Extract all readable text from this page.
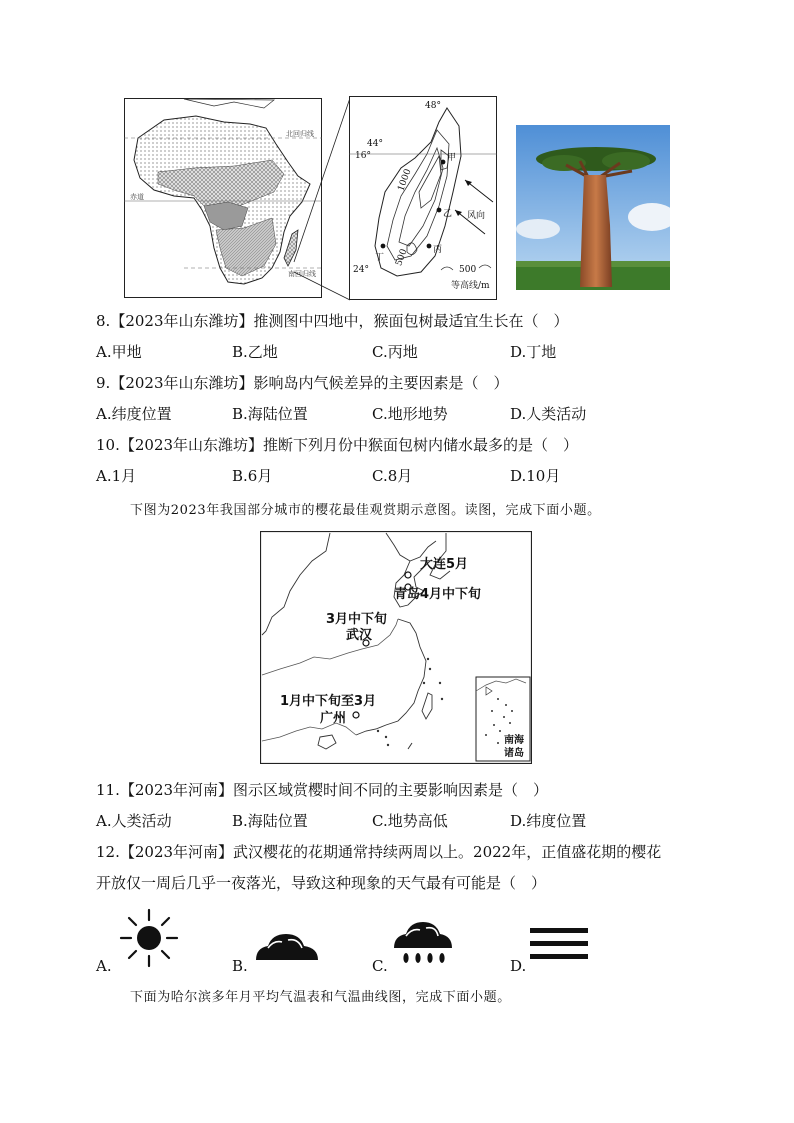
北回归线
赤道
南回归线
48°
44°
16°
24°
1000
500
500
甲
乙
丙
丁
风向
等高线/m
8.【2023年山东潍坊】推测图中四地中，猴面包树最适宜生长在（　）
A.甲地	B.乙地	C.丙地	D.丁地
9.【2023年山东潍坊】影响岛内气候差异的主要因素是（　）
A.纬度位置	B.海陆位置	C.地形地势	D.人类活动
10.【2023年山东潍坊】推断下列月份中猴面包树内储水最多的是（　）
A.1月	B.6月	C.8月	D.10月
下图为2023年我国部分城市的樱花最佳观赏期示意图。读图，完成下面小题。
南海
诸岛
大连5月
青岛4月中下旬
3月中下旬
武汉
1月中下旬至3月
广州
11.【2023年河南】图示区域赏樱时间不同的主要影响因素是（　）
A.人类活动	B.海陆位置	C.地势高低	D.纬度位置
12.【2023年河南】武汉樱花的花期通常持续两周以上。2022年，正值盛花期的樱花
开放仅一周后几乎一夜落光，导致这种现象的天气最有可能是（　）
A.	B.	C.	D.
下面为哈尔滨多年月平均气温表和气温曲线图，完成下面小题。
